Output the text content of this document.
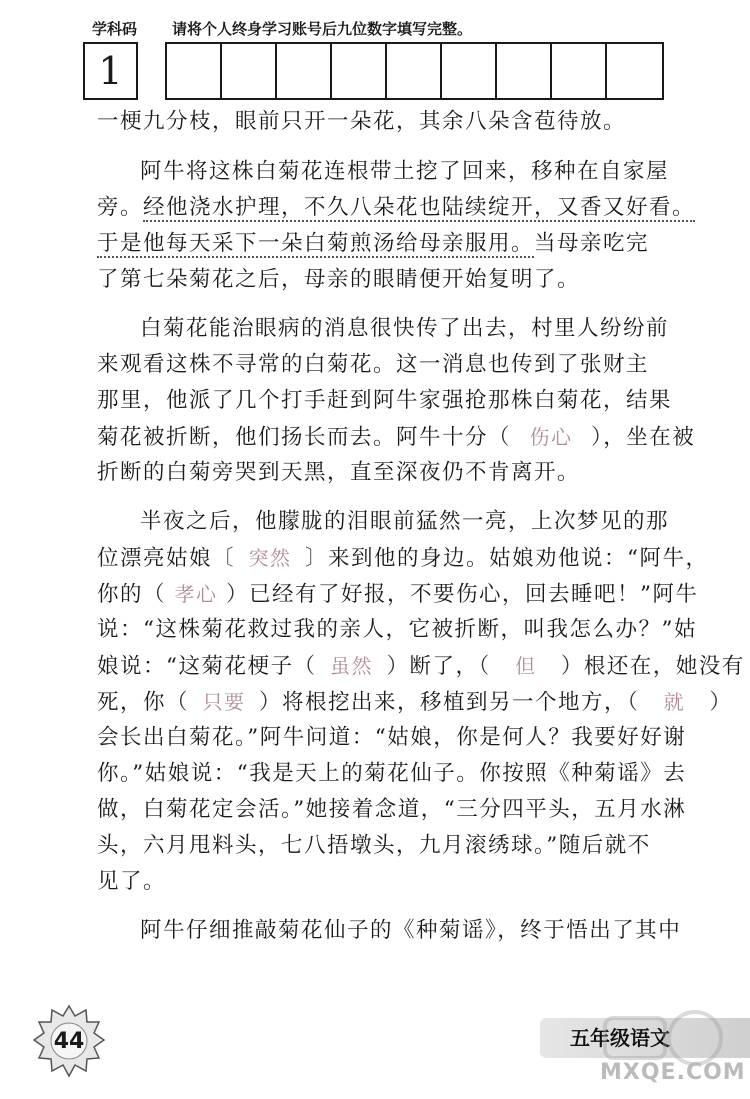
学科码 请将个人终身学习账号后九位数字填写完整。
1
一梗九分枝，眼前只开一朵花，其余八朵含苞待放。
阿牛将这株白菊花连根带土挖了回来，移种在自家屋
旁。经他浇水护理，不久八朵花也陆续绽开，又香又好看。
于是他每天采下一朵白菊煎汤给母亲服用。当母亲吃完
了第七朵菊花之后，母亲的眼睛便开始复明了。
白菊花能治眼病的消息很快传了出去，村里人纷纷前
来观看这株不寻常的白菊花。这一消息也传到了张财主
那里，他派了几个打手赶到阿牛家强抢那株白菊花，结果
菊花被折断，他们扬长而去。阿牛十分（ 伤心 ），坐在被
折断的白菊旁哭到天黑，直至深夜仍不肯离开。
半夜之后，他朦胧的泪眼前猛然一亮，上次梦见的那
位漂亮姑娘〔 突然 〕来到他的身边。姑娘劝他说：“阿牛，
你的（ 孝心 ）已经有了好报，不要伤心，回去睡吧！”阿牛
说：“这株菊花救过我的亲人，它被折断，叫我怎么办？”姑
娘说：“这菊花梗子（ 虽然 ）断了，（ 但 ）根还在，她没有
死，你（ 只要 ）将根挖出来，移植到另一个地方，（ 就 ）
会长出白菊花。”阿牛问道：“姑娘，你是何人？我要好好谢
你。”姑娘说：“我是天上的菊花仙子。你按照《种菊谣》去
做，白菊花定会活。”她接着念道，“三分四平头，五月水淋
头，六月甩料头，七八捂墩头，九月滚绣球。”随后就不
见了。
阿牛仔细推敲菊花仙子的《种菊谣》，终于悟出了其中
44	五年级语文
MXQE.COM
